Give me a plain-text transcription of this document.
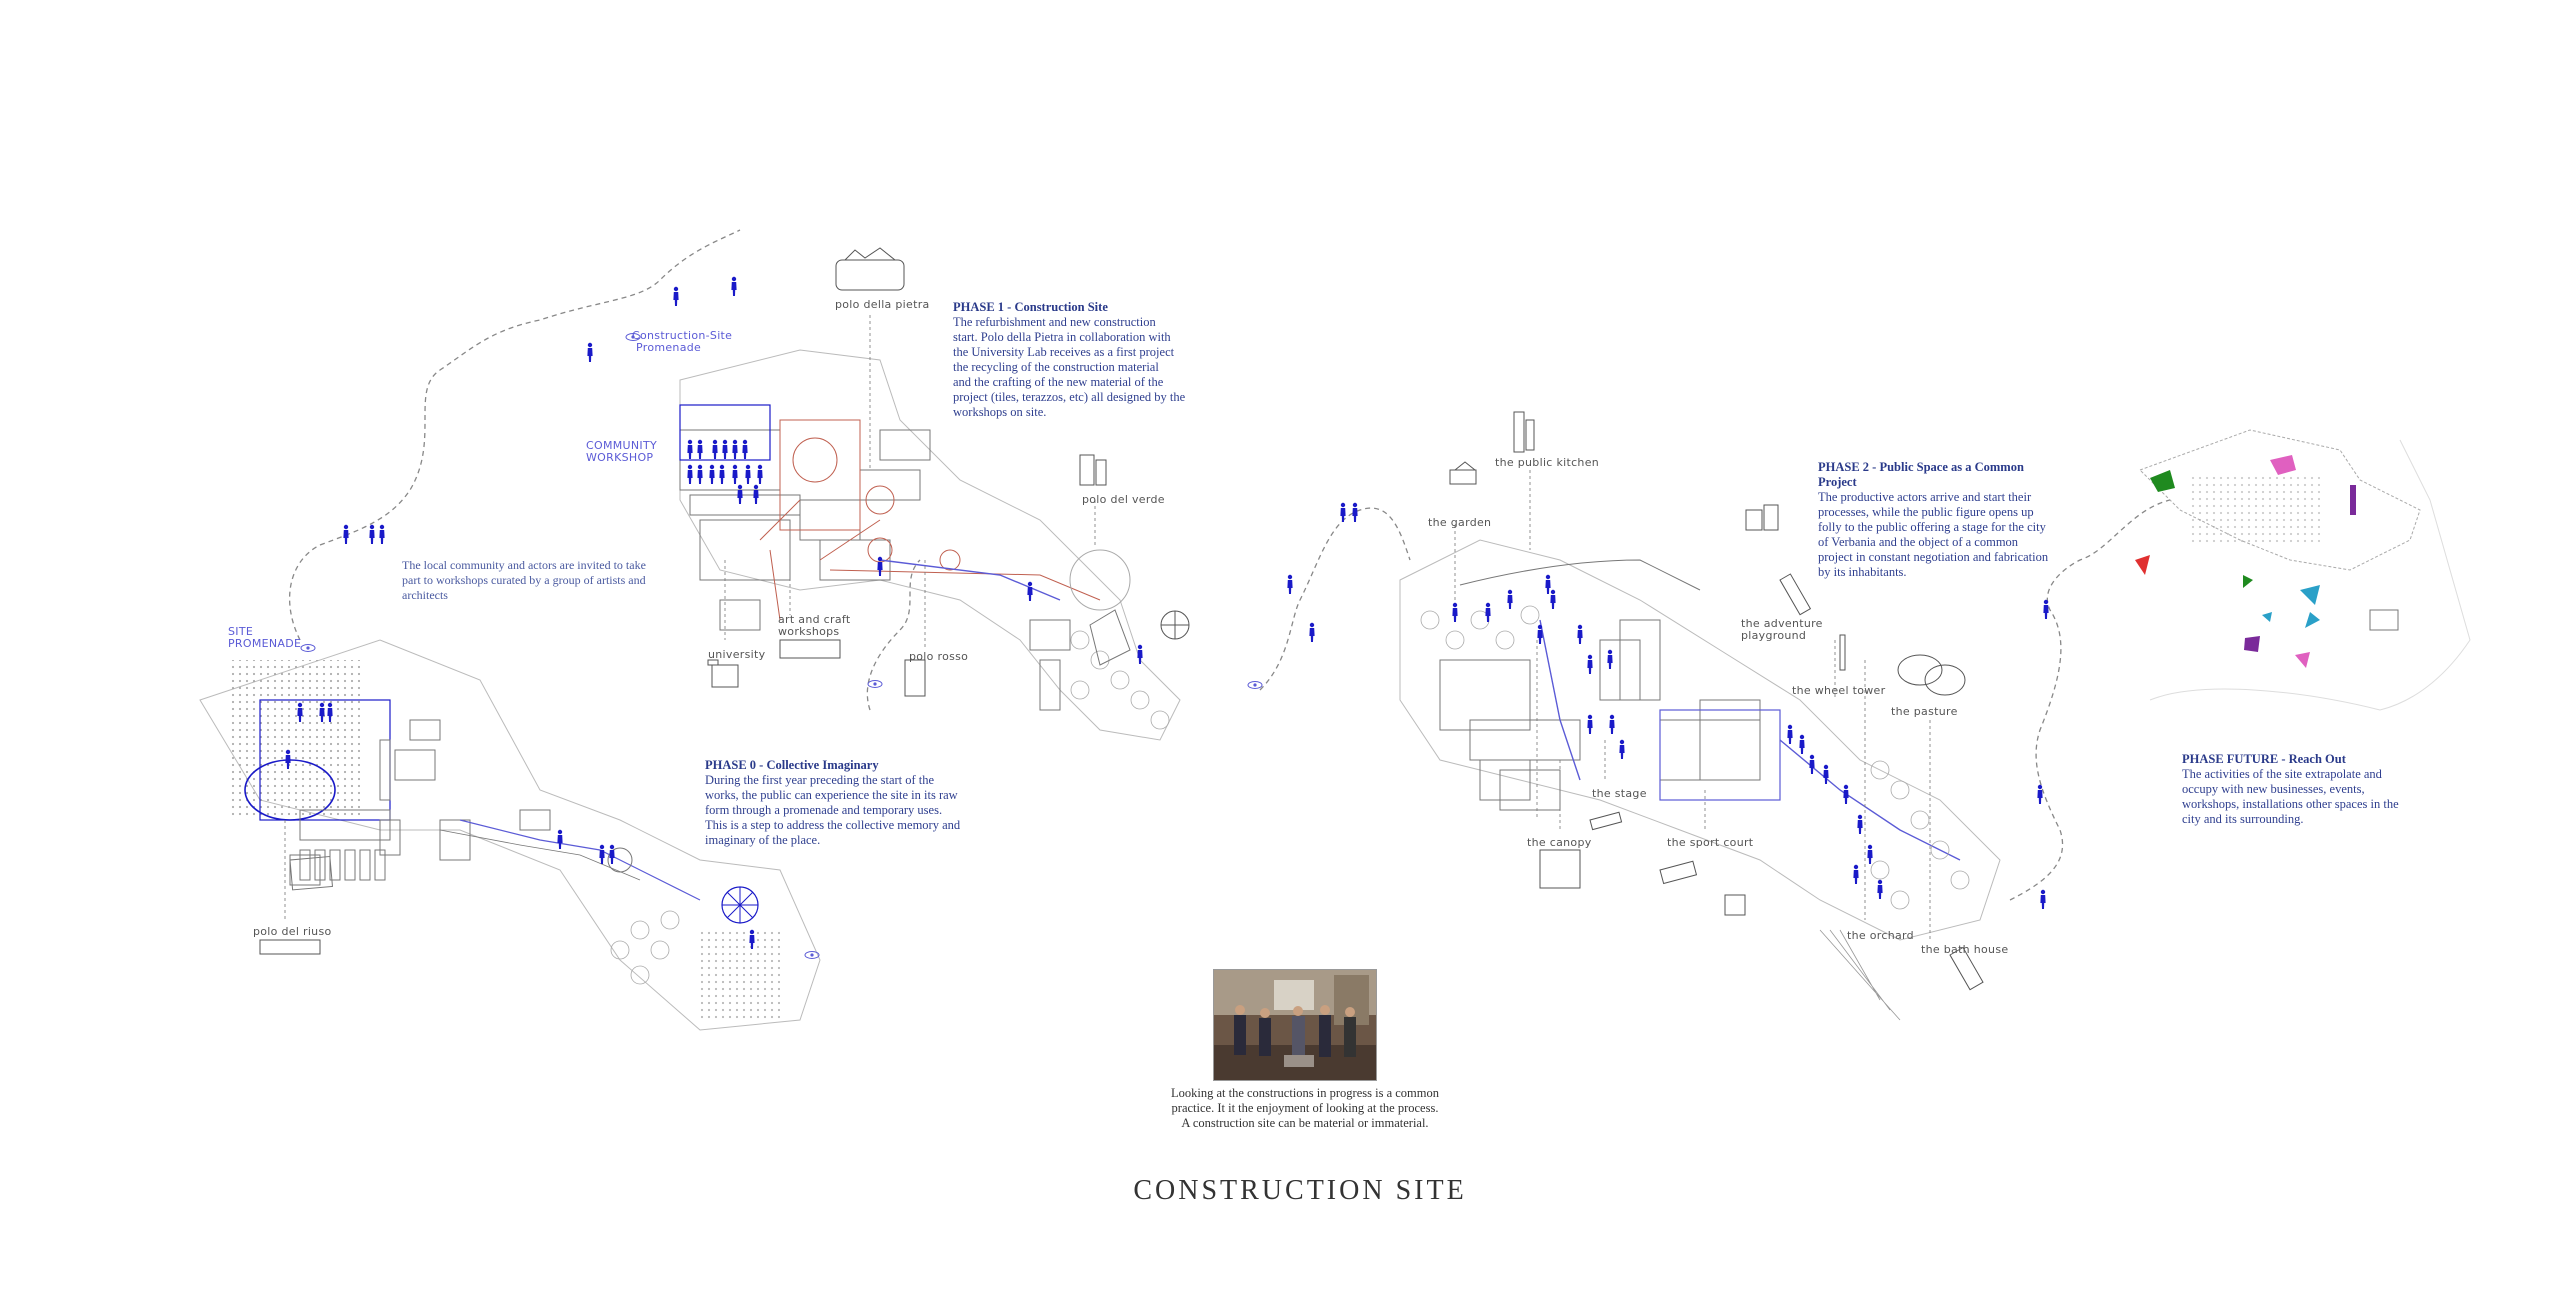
polo della pietra
polo del verde
polo rosso
polo del riuso
university
art and craft
workshops
the public kitchen
the garden
the adventure
playground
the wheel tower
the pasture
the stage
the canopy	the sport court
the orchard
the bath house
SITE
PROMENADE
COMMUNITY
WORKSHOP
Construction-Site
Promenade
The local community and actors are invited to take
part to workshops curated by a group of artists and
architects
PHASE 0 - Collective Imaginary
During the first year preceding the start of the
works, the public can experience the site in its raw
form through a promenade and temporary uses.
This is a step to address the collective memory and
imaginary of the place.
PHASE 1 - Construction Site
The refurbishment and new construction
start. Polo della Pietra in collaboration with
the University Lab receives as a first project
the recycling of the construction material
and the crafting of the new material of the
project (tiles, terazzos, etc) all designed by the
workshops on site.
PHASE 2 - Public Space as a Common
Project
The productive actors arrive and start their
processes, while the public figure opens up
folly to the public offering a stage for the city
of Verbania and the object of a common
project in constant negotiation and fabrication
by its inhabitants.
PHASE FUTURE - Reach Out
The activities of the site extrapolate and
occupy with new businesses, events,
workshops, installations other spaces in the
city and its surrounding.
Looking at the constructions in progress is a common
practice. It it the enjoyment of looking at the process.
A construction site can be material or immaterial.
CONSTRUCTION SITE
